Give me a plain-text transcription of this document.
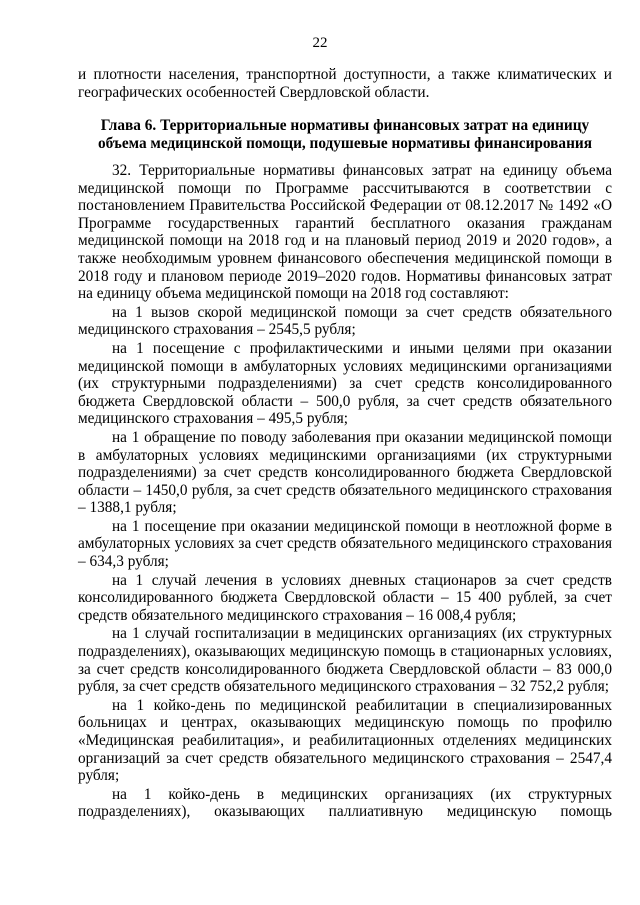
22

и плотности населения, транспортной доступности, а также климатических и географических особенностей Свердловской области.

Глава 6. Территориальные нормативы финансовых затрат на единицу объема медицинской помощи, подушевые нормативы финансирования

32. Территориальные нормативы финансовых затрат на единицу объема медицинской помощи по Программе рассчитываются в соответствии с постановлением Правительства Российской Федерации от 08.12.2017 № 1492 «О Программе государственных гарантий бесплатного оказания гражданам медицинской помощи на 2018 год и на плановый период 2019 и 2020 годов», а также необходимым уровнем финансового обеспечения медицинской помощи в 2018 году и плановом периоде 2019–2020 годов. Нормативы финансовых затрат на единицу объема медицинской помощи на 2018 год составляют:

на 1 вызов скорой медицинской помощи за счет средств обязательного медицинского страхования – 2545,5 рубля;

на 1 посещение с профилактическими и иными целями при оказании медицинской помощи в амбулаторных условиях медицинскими организациями (их структурными подразделениями) за счет средств консолидированного бюджета Свердловской области – 500,0 рубля, за счет средств обязательного медицинского страхования – 495,5 рубля;

на 1 обращение по поводу заболевания при оказании медицинской помощи в амбулаторных условиях медицинскими организациями (их структурными подразделениями) за счет средств консолидированного бюджета Свердловской области – 1450,0 рубля, за счет средств обязательного медицинского страхования – 1388,1 рубля;

на 1 посещение при оказании медицинской помощи в неотложной форме в амбулаторных условиях за счет средств обязательного медицинского страхования – 634,3 рубля;

на 1 случай лечения в условиях дневных стационаров за счет средств консолидированного бюджета Свердловской области – 15 400 рублей, за счет средств обязательного медицинского страхования – 16 008,4 рубля;

на 1 случай госпитализации в медицинских организациях (их структурных подразделениях), оказывающих медицинскую помощь в стационарных условиях, за счет средств консолидированного бюджета Свердловской области – 83 000,0 рубля, за счет средств обязательного медицинского страхования – 32 752,2 рубля;

на 1 койко-день по медицинской реабилитации в специализированных больницах и центрах, оказывающих медицинскую помощь по профилю «Медицинская реабилитация», и реабилитационных отделениях медицинских организаций за счет средств обязательного медицинского страхования – 2547,4 рубля;

на 1 койко-день в медицинских организациях (их структурных подразделениях), оказывающих паллиативную медицинскую помощь
